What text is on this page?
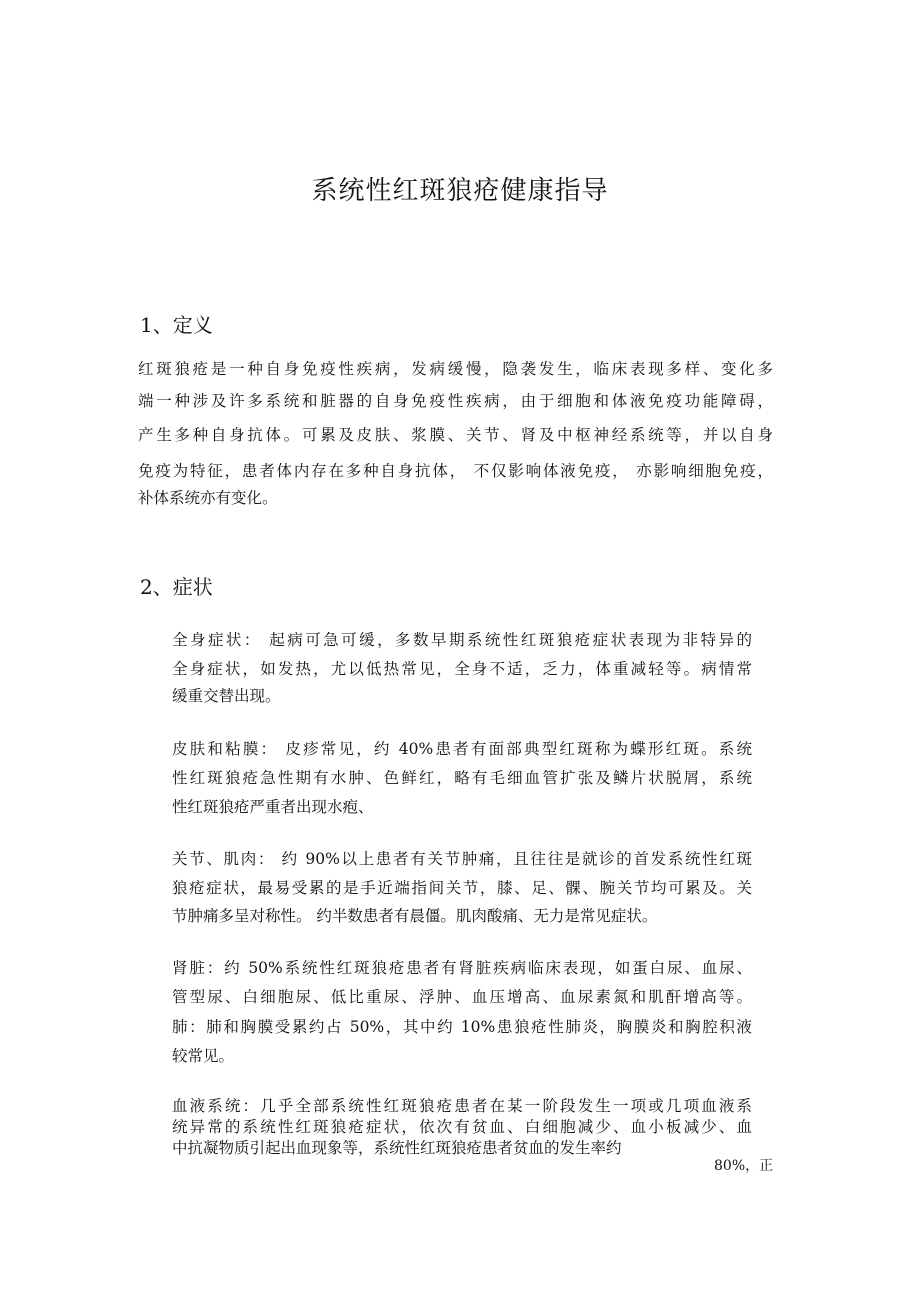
系统性红斑狼疮健康指导
1、定义

红斑狼疮是一种自身免疫性疾病，发病缓慢，隐袭发生，临床表现多样、变化多

端一种涉及许多系统和脏器的自身免疫性疾病，由于细胞和体液免疫功能障碍，

产生多种自身抗体。可累及皮肤、浆膜、关节、肾及中枢神经系统等，并以自身

免疫为特征，患者体内存在多种自身抗体， 不仅影响体液免疫， 亦影响细胞免疫，

补体系统亦有变化。

2、症状

全身症状： 起病可急可缓，多数早期系统性红斑狼疮症状表现为非特异的

全身症状，如发热，尤以低热常见，全身不适，乏力，体重减轻等。病情常

缓重交替出现。

皮肤和粘膜： 皮疹常见，约 40%患者有面部典型红斑称为蝶形红斑。系统

性红斑狼疮急性期有水肿、色鲜红，略有毛细血管扩张及鳞片状脱屑，系统

性红斑狼疮严重者出现水疱、

关节、肌肉： 约 90%以上患者有关节肿痛，且往往是就诊的首发系统性红斑

狼疮症状，最易受累的是手近端指间关节，膝、足、髁、腕关节均可累及。关

节肿痛多呈对称性。 约半数患者有晨僵。肌肉酸痛、无力是常见症状。

肾脏：约 50%系统性红斑狼疮患者有肾脏疾病临床表现，如蛋白尿、血尿、

管型尿、白细胞尿、低比重尿、浮肿、血压增高、血尿素氮和肌酐增高等。

肺：肺和胸膜受累约占 50%，其中约 10%患狼疮性肺炎，胸膜炎和胸腔积液

较常见。

血液系统：几乎全部系统性红斑狼疮患者在某一阶段发生一项或几项血液系

统异常的系统性红斑狼疮症状，依次有贫血、白细胞减少、血小板减少、血

中抗凝物质引起出血现象等，系统性红斑狼疮患者贫血的发生率约

80%，正
